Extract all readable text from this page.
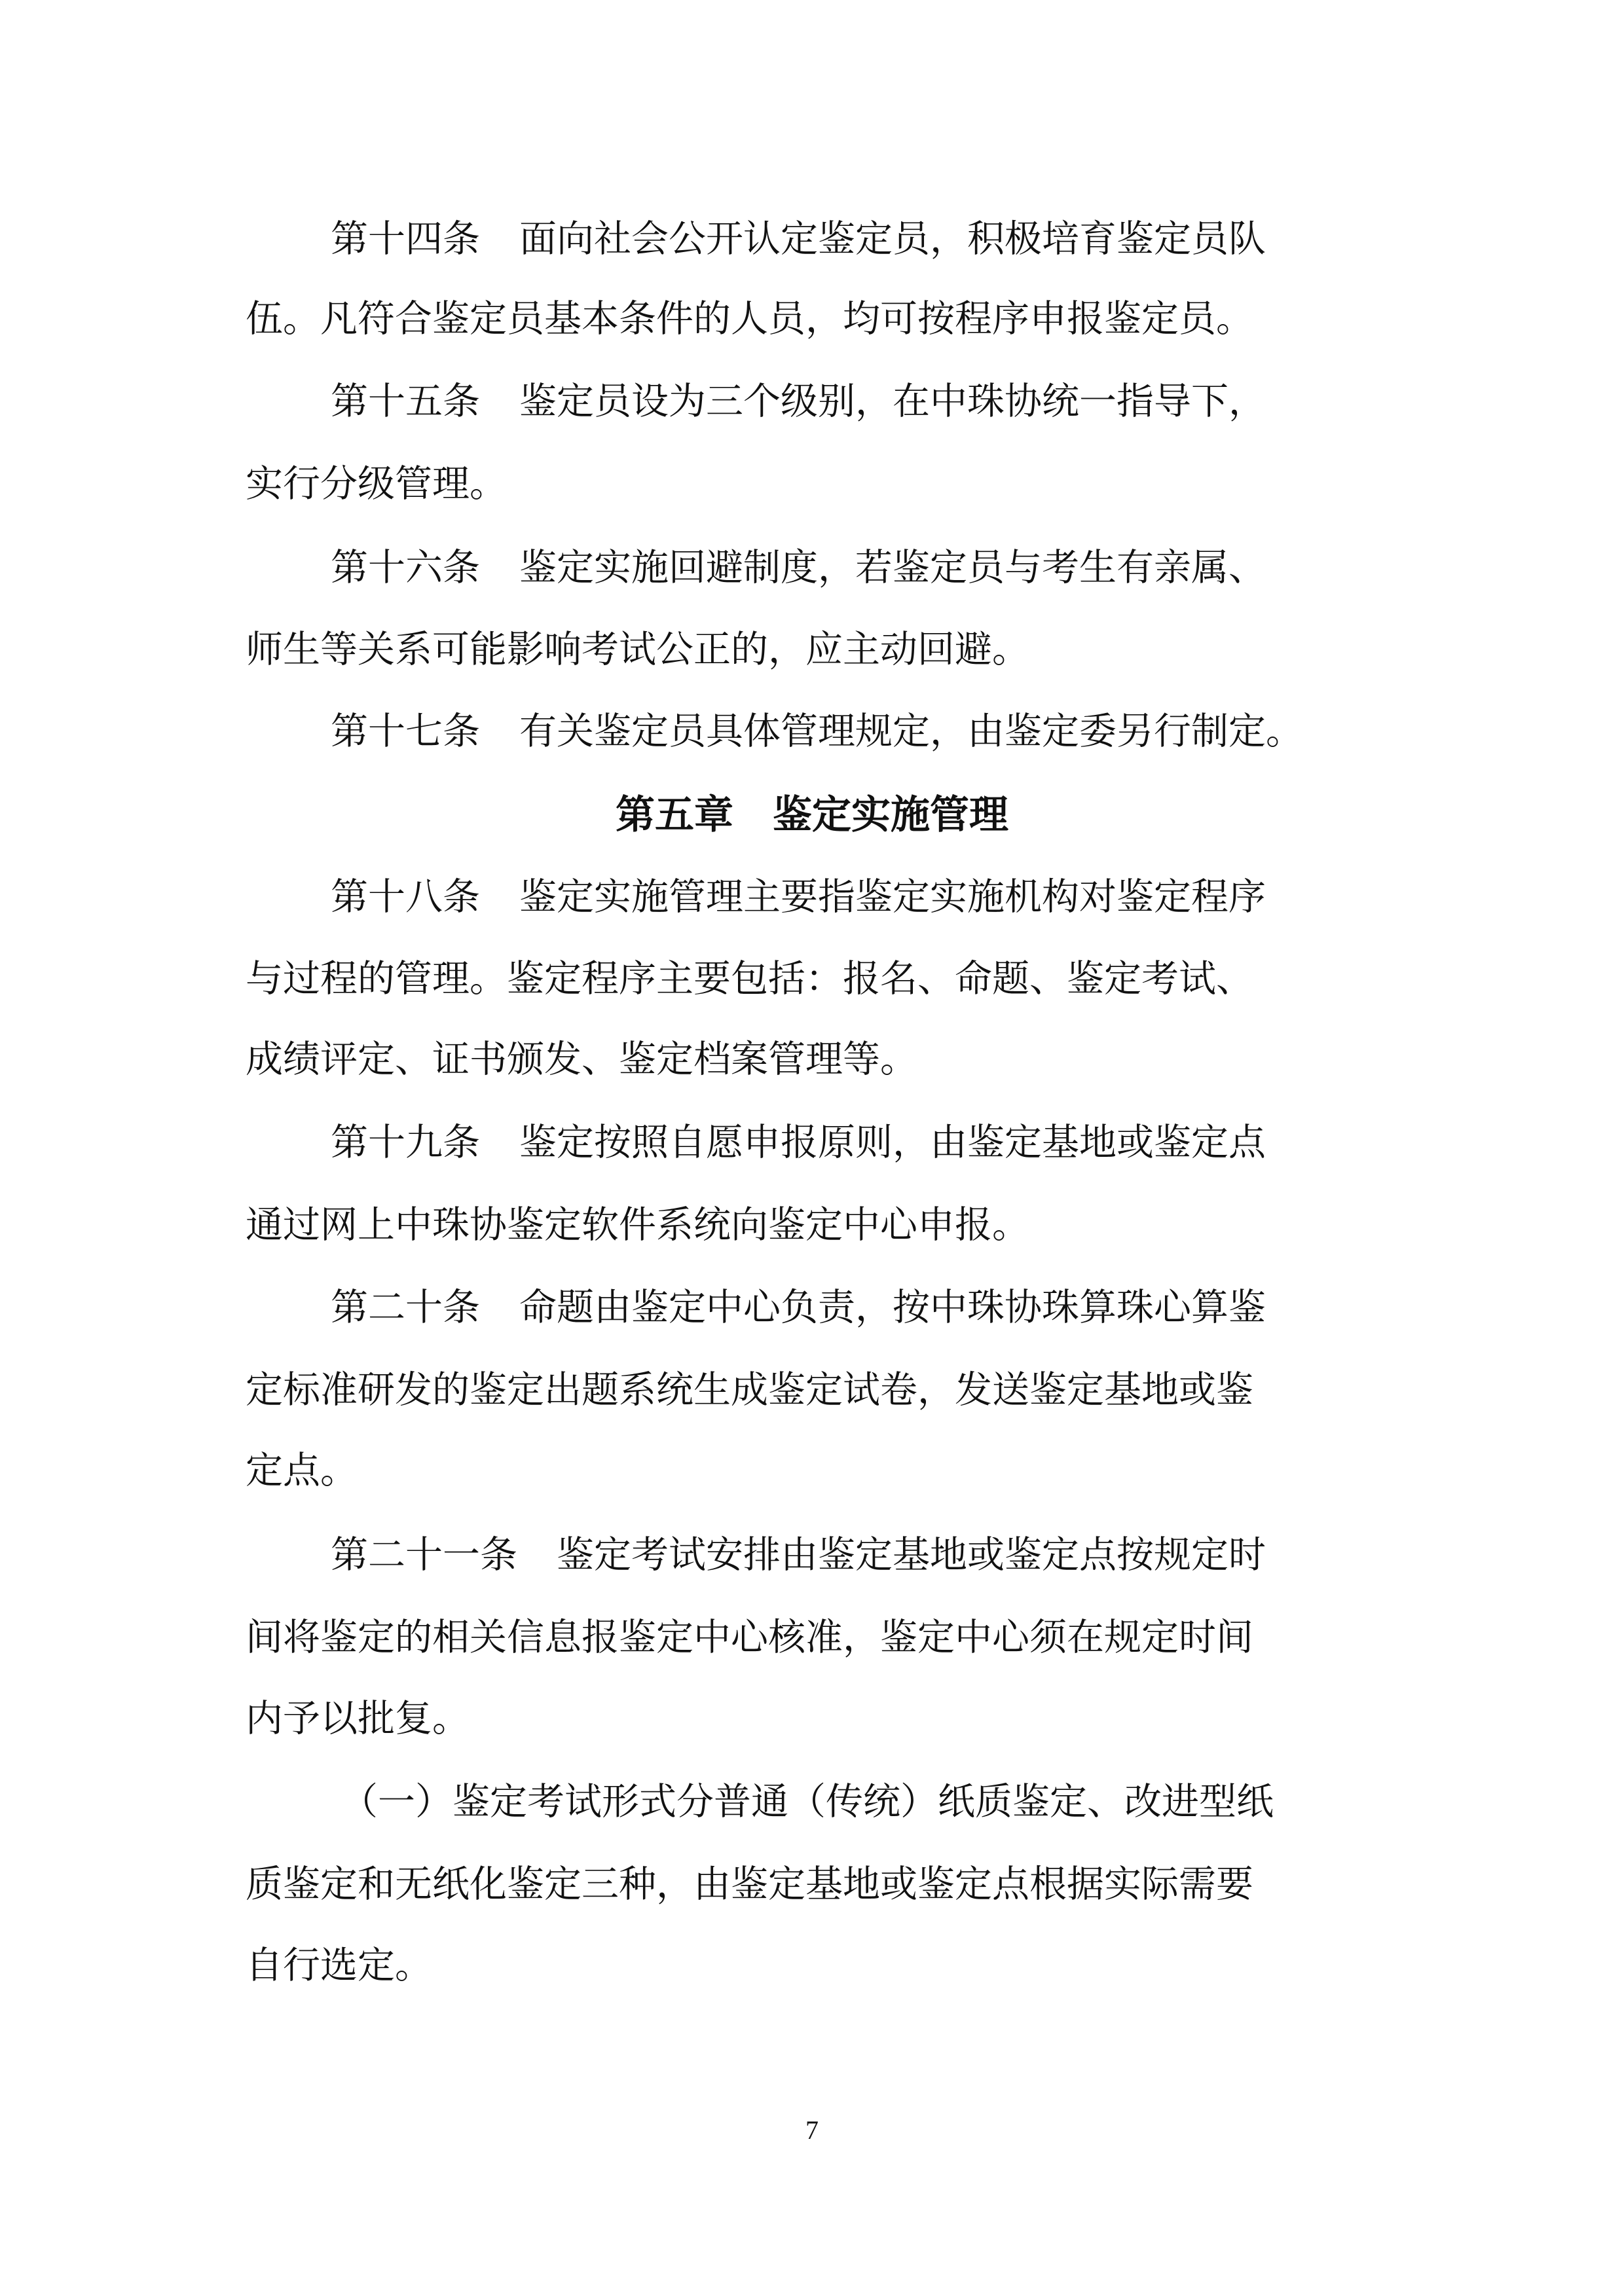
第十四条 面向社会公开认定鉴定员，积极培育鉴定员队
伍。凡符合鉴定员基本条件的人员，均可按程序申报鉴定员。
第十五条 鉴定员设为三个级别，在中珠协统一指导下，
实行分级管理。
第十六条 鉴定实施回避制度，若鉴定员与考生有亲属、
师生等关系可能影响考试公正的，应主动回避。
第十七条 有关鉴定员具体管理规定，由鉴定委另行制定。
第五章 鉴定实施管理
第十八条 鉴定实施管理主要指鉴定实施机构对鉴定程序
与过程的管理。鉴定程序主要包括：报名、命题、鉴定考试、
成绩评定、证书颁发、鉴定档案管理等。
第十九条 鉴定按照自愿申报原则，由鉴定基地或鉴定点
通过网上中珠协鉴定软件系统向鉴定中心申报。
第二十条 命题由鉴定中心负责，按中珠协珠算珠心算鉴
定标准研发的鉴定出题系统生成鉴定试卷，发送鉴定基地或鉴
定点。
第二十一条 鉴定考试安排由鉴定基地或鉴定点按规定时
间将鉴定的相关信息报鉴定中心核准，鉴定中心须在规定时间
内予以批复。
（一）鉴定考试形式分普通（传统）纸质鉴定、改进型纸
质鉴定和无纸化鉴定三种，由鉴定基地或鉴定点根据实际需要
自行选定。
7
